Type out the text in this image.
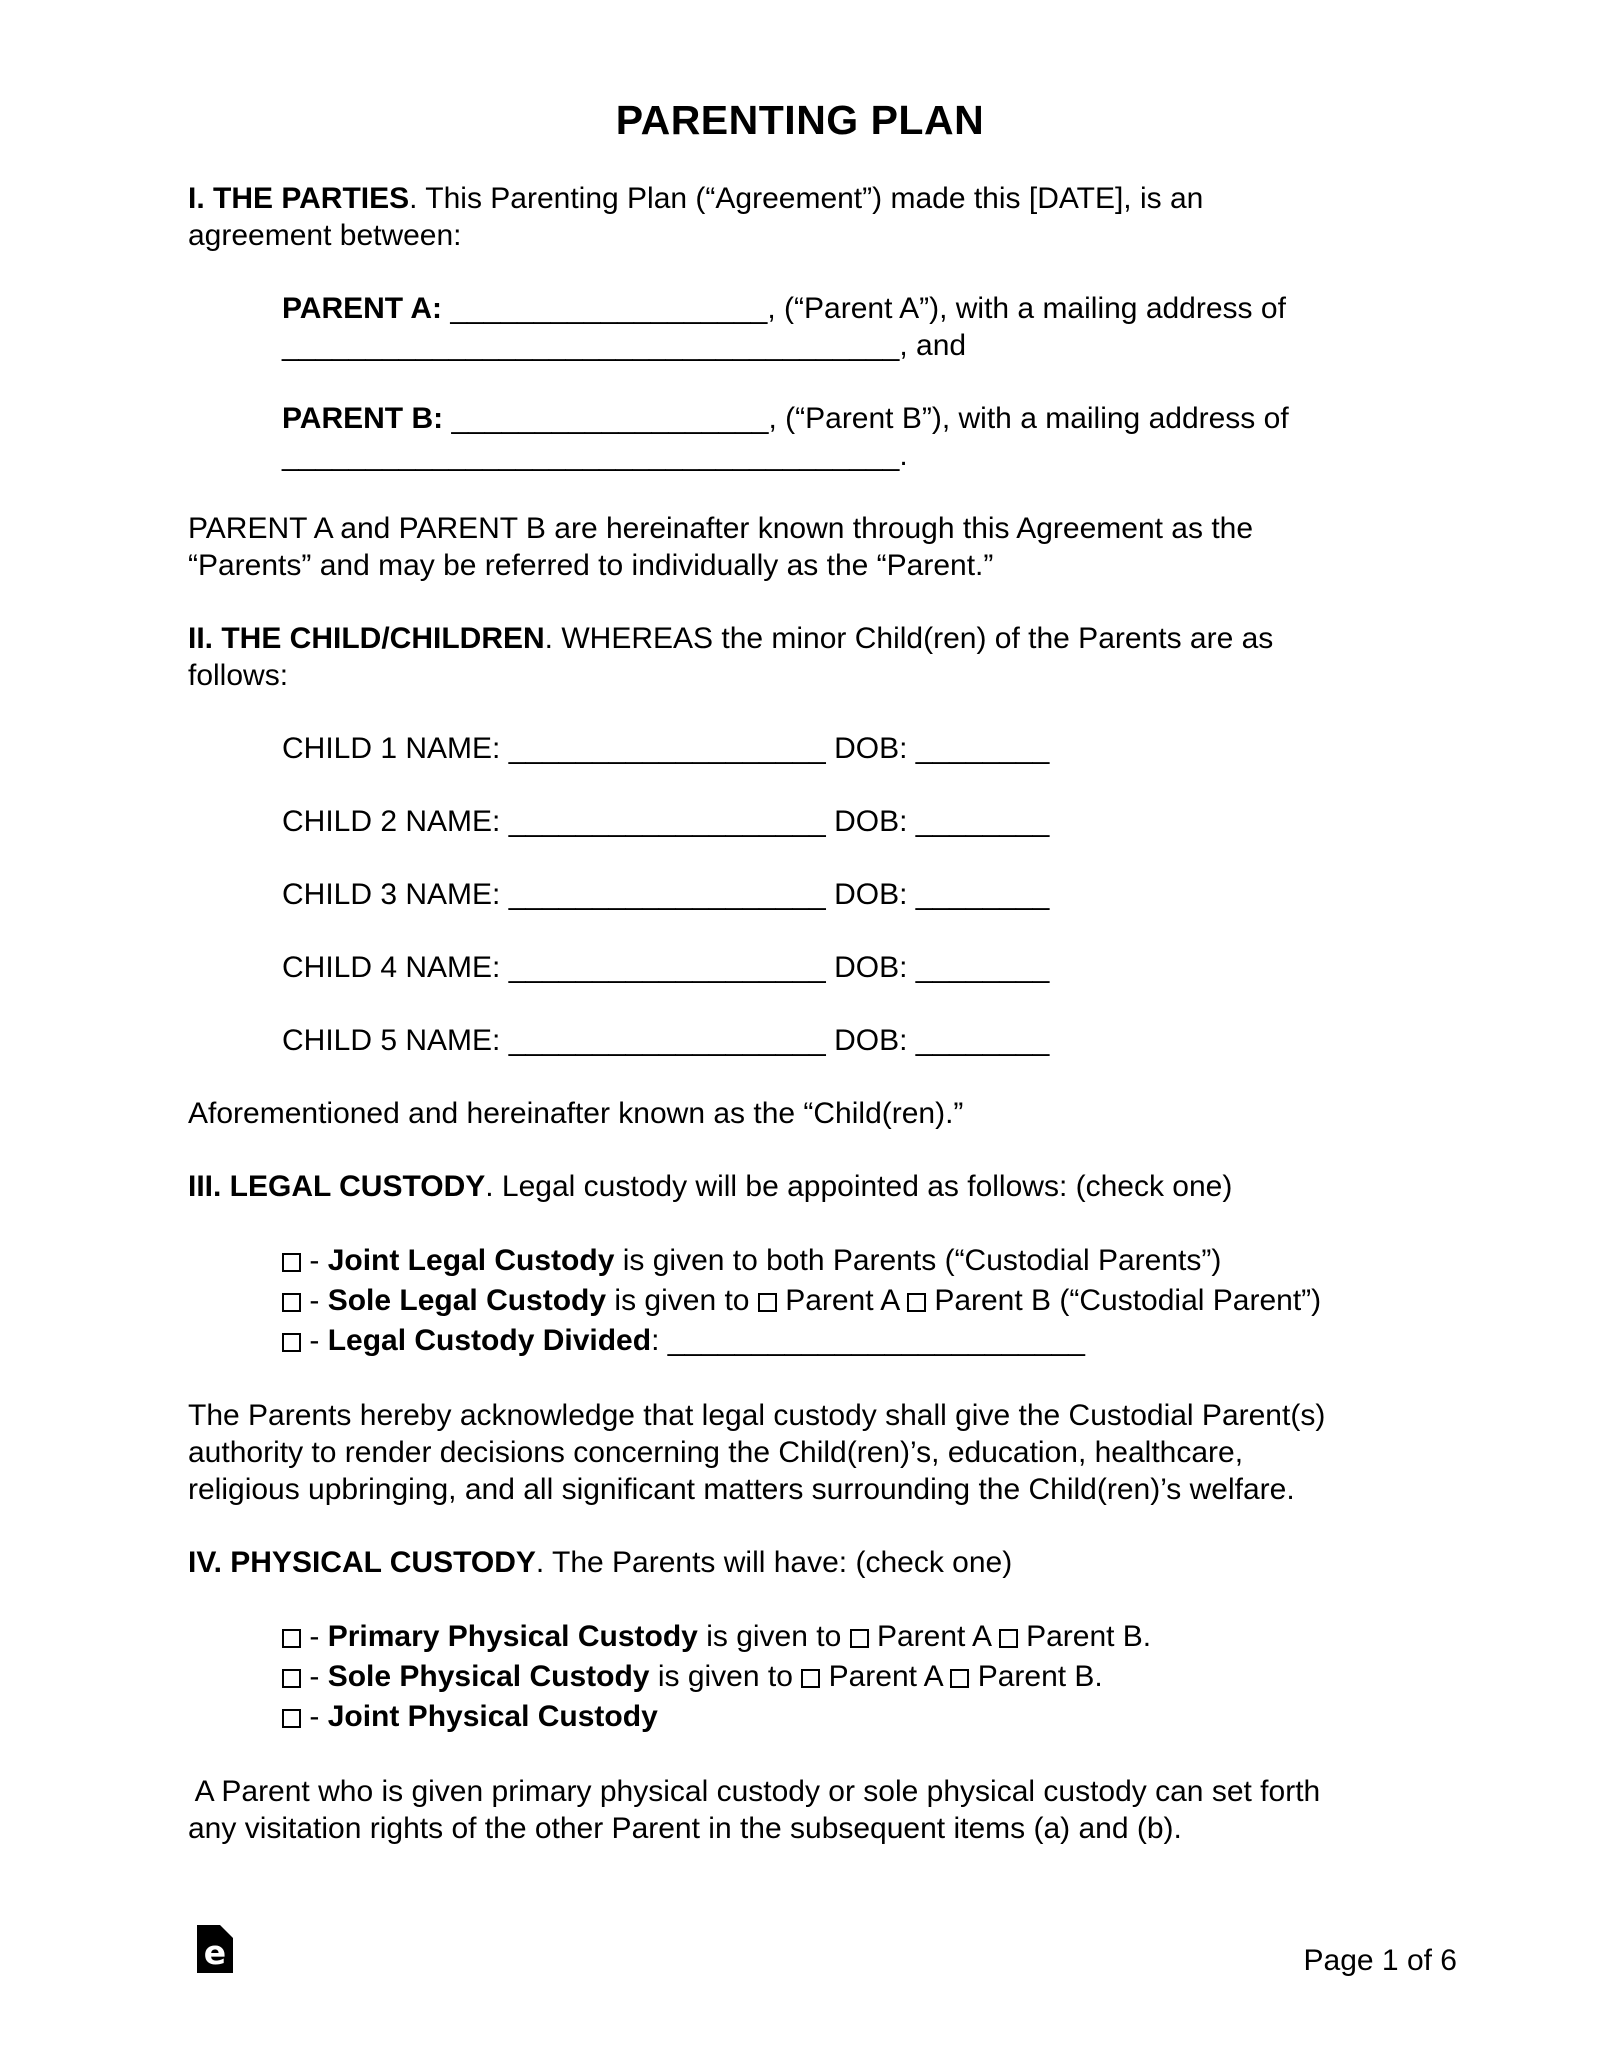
PARENTING PLAN
I. THE PARTIES. This Parenting Plan (“Agreement”) made this [DATE], is an
agreement between:
PARENT A: ___________________, (“Parent A”), with a mailing address of
_____________________________________, and
PARENT B: ___________________, (“Parent B”), with a mailing address of
_____________________________________.
PARENT A and PARENT B are hereinafter known through this Agreement as the
“Parents” and may be referred to individually as the “Parent.”
II. THE CHILD/CHILDREN. WHEREAS the minor Child(ren) of the Parents are as
follows:
CHILD 1 NAME: ___________________ DOB: ________
CHILD 2 NAME: ___________________ DOB: ________
CHILD 3 NAME: ___________________ DOB: ________
CHILD 4 NAME: ___________________ DOB: ________
CHILD 5 NAME: ___________________ DOB: ________
Aforementioned and hereinafter known as the “Child(ren).”
III. LEGAL CUSTODY. Legal custody will be appointed as follows: (check one)
- Joint Legal Custody is given to both Parents (“Custodial Parents”)
- Sole Legal Custody is given to Parent A Parent B (“Custodial Parent”)
- Legal Custody Divided: _________________________
The Parents hereby acknowledge that legal custody shall give the Custodial Parent(s)
authority to render decisions concerning the Child(ren)’s, education, healthcare,
religious upbringing, and all significant matters surrounding the Child(ren)’s welfare.
IV. PHYSICAL CUSTODY. The Parents will have: (check one)
- Primary Physical Custody is given to Parent A Parent B.
- Sole Physical Custody is given to Parent A Parent B.
- Joint Physical Custody
A Parent who is given primary physical custody or sole physical custody can set forth
any visitation rights of the other Parent in the subsequent items (a) and (b).
e	Page 1 of 6
